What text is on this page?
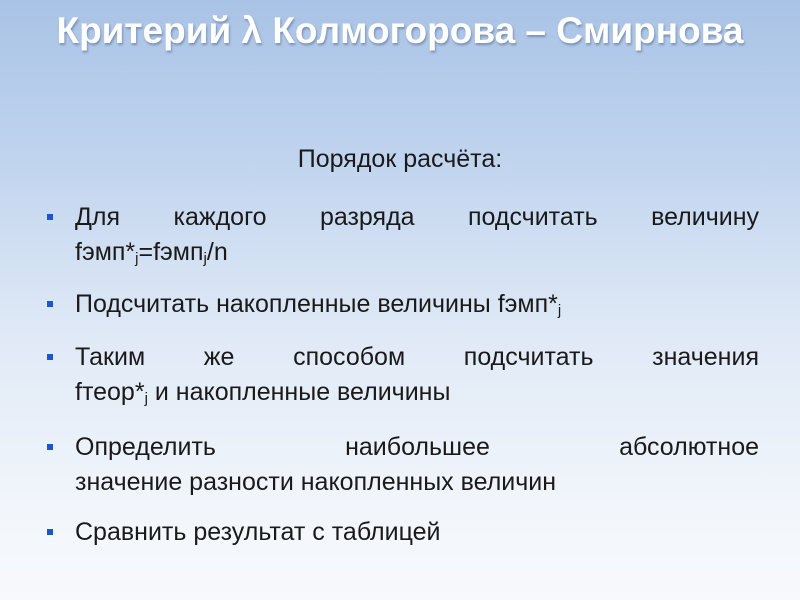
Критерий λ Колмогорова – Смирнова
Порядок расчёта:
Для каждого разряда подсчитать величину
$fэмп*_j=fэмп_j/n$
Подсчитать накопленные величины $fэмп*_j$
Таким же способом подсчитать значения
$fтеор*_j$ и накопленные величины
Определить наибольшее абсолютное
значение разности накопленных величин
Сравнить результат с таблицей
